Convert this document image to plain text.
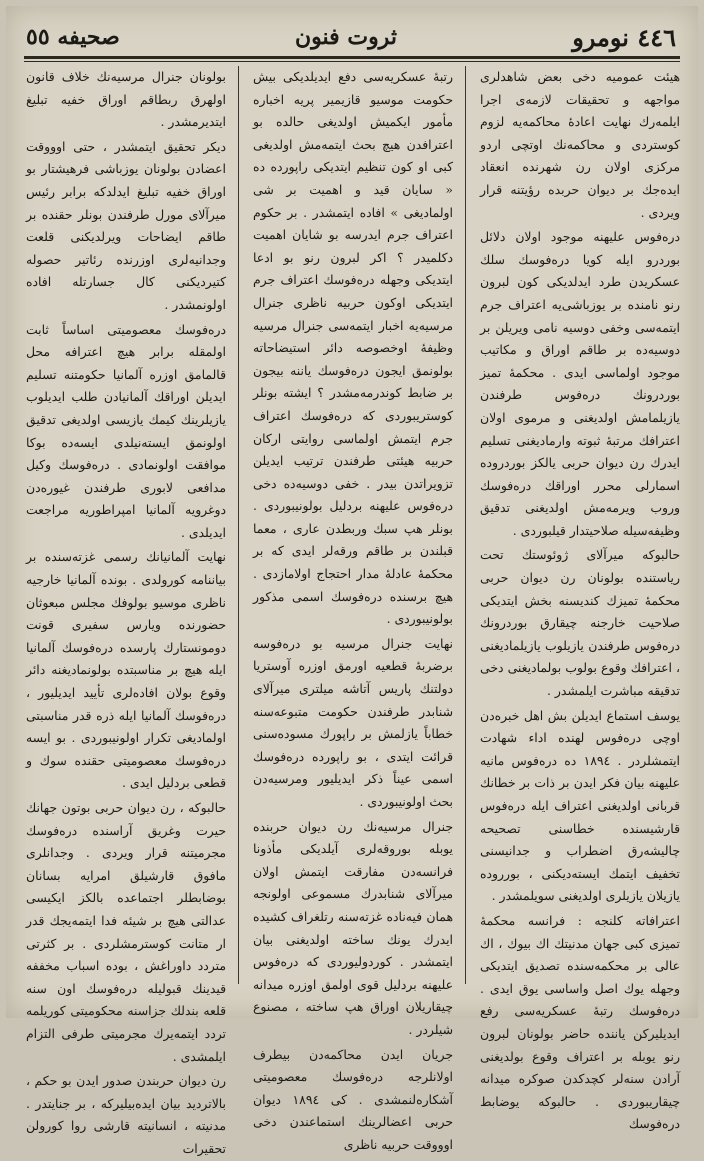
٤٤٦ نومرو
ثروت فنون
صحیفه ٥٥

هیئت عمومیه دخی بعض شاهدلری مواجهه و تحقیقات لازمه‌ی اجرا ایلمه‌رك نهایت اعاده‌ٔ محاکمه‌یه لزوم کوستردی و محاکمه‌نك اوتچی اردو مرکزی اولان رن شهرنده انعقاد ایده‌جك بر دیوان حربده رؤیتنه قرار ویردی .

دره‌فوس علیهنه موجود اولان دلائل بوردرو ایله کویا دره‌فوسك سلك عسکریدن طرد ایدلدیکی کون لبرون رنو نامنده بر یوزباشی‌یه اعتراف جرم ایتمه‌سی وخفی دوسیه نامی ویریلن بر دوسیه‌ده بر طاقم اوراق و مکاتیب موجود اولماسی ایدی . محکمه‌ٔ تمیز بوردرونك دره‌فوس طرفندن یازیلمامش اولدیغنی و مرموی اولان اعترافك مرتبه‌ٔ ثبوته وارمادیغنی تسلیم ایدرك رن دیوان حربی یالکز بوردروده اسمارلی محرر اوراقك دره‌فوسك وروب ویرمه‌مش اولدیغنی تدقیق وظیفه‌سیله صلاحیتدار قیلبوردی .

حالبوکه میرآلای ژوئوستك تحت ریاستنده بولونان رن دیوان حربی محکمه‌ٔ تمیزك کندیسنه بخش ایتدیکی صلاحیت خارجنه چیقارق بوردرونك دره‌فوس طرفندن یازیلوب یازیلمادیغنی ، اعترافك وقوع بولوب بولمادیغنی دخی تدقیقه مباشرت ایلمشدر .

یوسف استماع ایدیلن بش اهل خبره‌دن اوچی دره‌فوس لهنده اداء شهادت ایتمشلردر . ١٨٩٤ ده دره‌فوس مانیه علیهنه بیان فکر ایدن بر ذات بر خطانك قربانی اولدیغنی اعتراف ایله دره‌فوس قارشیسنده خطاسنی تصحیحه چالیشه‌رق اضطراب و جدانیسنی تخفیف ایتمك ایسته‌دیکنی ، بورروده یازیلان یازیلری اولدیغنی سویلمشدر .

اعترافاته کلنجه : فرانسه محکمهٔ تمیزی کبی جهان مدنیتك اك بیوك ، اك عالی بر محکمه‌سنده تصدیق ایتدیکی وجهله یوك اصل واساسی یوق ایدی . دره‌فوسك رتبهٔ عسکریه‌سی رفع ایدیلیرکن یاننده حاضر بولونان لبرون رنو یوبله بر اعتراف وقوع بولدیغنی آرادن سنه‌لر کچدکدن صوکره میدانه چیقاریبوردی . حالبوکه یوضابط دره‌فوسك

رتبهٔ عسکریه‌سی دفع ایدیلدیکی بیش حکومت موسیو قازیمیر پریه اخباره مأمور ایکمیش اولدیغی حالده بو اعترافدن هیچ بحث ایتمه‌مش اولدیغی کبی او کون تنظیم ایتدیکی راپورده ده « سایان قید و اهمیت بر شی اولمادیغی » افاده ایتمشدر . بر حکوم اعتراف جرم ایدرسه بو شایان اهمیت دکلمیدر ؟ اکر لبرون رنو بو ادعا ایتدیکی وجهله دره‌فوسك اعتراف جرم ایتدیکی اوکون حربیه ناظری جنرال مرسیه‌یه اخبار ایتمه‌سی جنرال مرسیه وظیفهٔ اوخصوصه دائر استیضاحاته بولونمق ایجون دره‌فوسك یاننه بیجون بر ضابط کوندرمه‌مشدر ؟ ایشته بونلر کوستریبوردی که دره‌فوسك اعتراف جرم ایتمش اولماسی روایتی ارکان حربیه هیئتی طرفندن ترتیب ایدیلن تزویراتدن بیدر . خفی دوسیه‌ده دخی دره‌فوس علیهنه بردلیل بولونیبوردی . بونلر هپ سبك وربطدن عاری ، معما قبلندن بر طاقم ورقه‌لر ایدی که بر محکمهٔ عادلهٔ مدار احتجاج اولامازدی . هیچ برسنده دره‌فوسك اسمی مذکور بولونیبوردی .

نهایت جنرال مرسیه بو دره‌فوسه برضربهٔ قطعیه اورمق اوزره آوستریا دولتنك پاریس آتاشه میلتری میرآلای شنابدر طرفندن حکومت متبوعه‌سنه خطاباً یازلمش بر راپورك مسوده‌سنی قرائت ایتدی ، بو راپورده دره‌فوسك اسمی عیناً ذکر ایدیلیور ومرسیه‌دن بحث اولونیبوردی .

جنرال مرسیه‌نك رن دیوان حربنده یوبله بوروقه‌لری آیلدیکی مأذونا فرانسه‌دن مفارقت ایتمش اولان میرآلای شنابدرك مسموعی اولونجه همان فیه‌ناده غزته‌سنه رتلغراف کشیده ایدرك یونك ساخته اولدیغنی بیان ایتمشدر . کوردولیوردی که دره‌فوس علیهنه بردلیل قوی اولمق اوزره میدانه چیقاریلان اوراق هپ ساخته ، مصنوع شیلردر .

جریان ایدن محاکمه‌دن بیطرف اولانلرجه دره‌فوسك معصومیتی آشکاره‌لنمشدی . کی ١٨٩٤ دیوان حربی اعضالرینك استماعندن دخی اوووقت حربیه ناظری

بولونان جنرال مرسیه‌نك خلاف قانون اولهرق ربطاقم اوراق خفیه تبلیغ ایتدیرمشدر .

دیکر تحقیق ایتمشدر ، حتی اوووقت اعضادن بولونان یوزباشی فرهیشتار بو اوراق خفیه تبلیغ ایدلدکه برابر رئیس میرآلای مورل طرفندن بونلر حقنده بر طاقم ایضاحات ویرلدیکنی قلعت وجدانیه‌لری اوزرنده رئاتیر حصوله کتیردیکنی کال جسارتله افاده اولونمشدر .

دره‌فوسك معصومیتی اساساً ثابت اولمقله برابر هیچ اعترافه محل قالمامق اوزره آلمانیا حکومتنه تسلیم ایدیلن اوراقك آلمانیادن طلب ایدیلوب یازیلرینك کیمك یازیسی اولدیغی تدقیق اولونمق ایسته‌نیلدی ایسه‌ده بوکا موافقت اولونمادی . دره‌فوسك وکیل مدافعی لابوری طرفندن غیوره‌دن دوغرویه آلمانیا امپراطوریه مراجعت ایدیلدی .

نهایت آلمانیانك رسمی غزته‌سنده بر بیاننامه کورولدی . بونده آلمانیا خارجیه ناظری موسیو بولوفك مجلس مبعوثان حضورنده ویارس سفیری قونت دومونستارك پارسده دره‌فوسك آلمانیا ایله هیچ بر مناسبتده بولونمادیغنه دائر وقوع بولان افاده‌لری تأیید ایدیلیور ، دره‌فوسك آلمانیا ایله ذره قدر مناسبتی اولمادیغی تکرار اولونیبوردی . بو ایسه دره‌فوسك معصومیتی حقنده سوك و قطعی بردلیل ایدی .

حالبوکه ، رن دیوان حربی بوتون جهانك حیرت وغریق آراسنده دره‌فوسك مجرمیتنه قرار ویردی . وجدانلری مافوق قارشیلق امرایه بسانان بوضابطلر اجتماعده بالکز ایکیسی عدالتی هیچ بر شیئه فدا ایتمه‌یجك قدر ار متانت کوسترمشلردی . بر کثرتی متردد داوراغش ، بوده اسباب مخففه قیدینك قبولیله دره‌فوسك اون سنه قلعه بندلك جزاسنه محکومیتی کوریلمه تردد ایتمه‌یرك مجرمیتی طرفی التزام ایلمشدی .

رن دیوان حربندن صدور ایدن بو حکم ، بالاتردید بیان ایده‌بیلیرکه ، بر جنایتدر . مدنیته ، انسانیته قارشی روا کورولن تحقیرات
